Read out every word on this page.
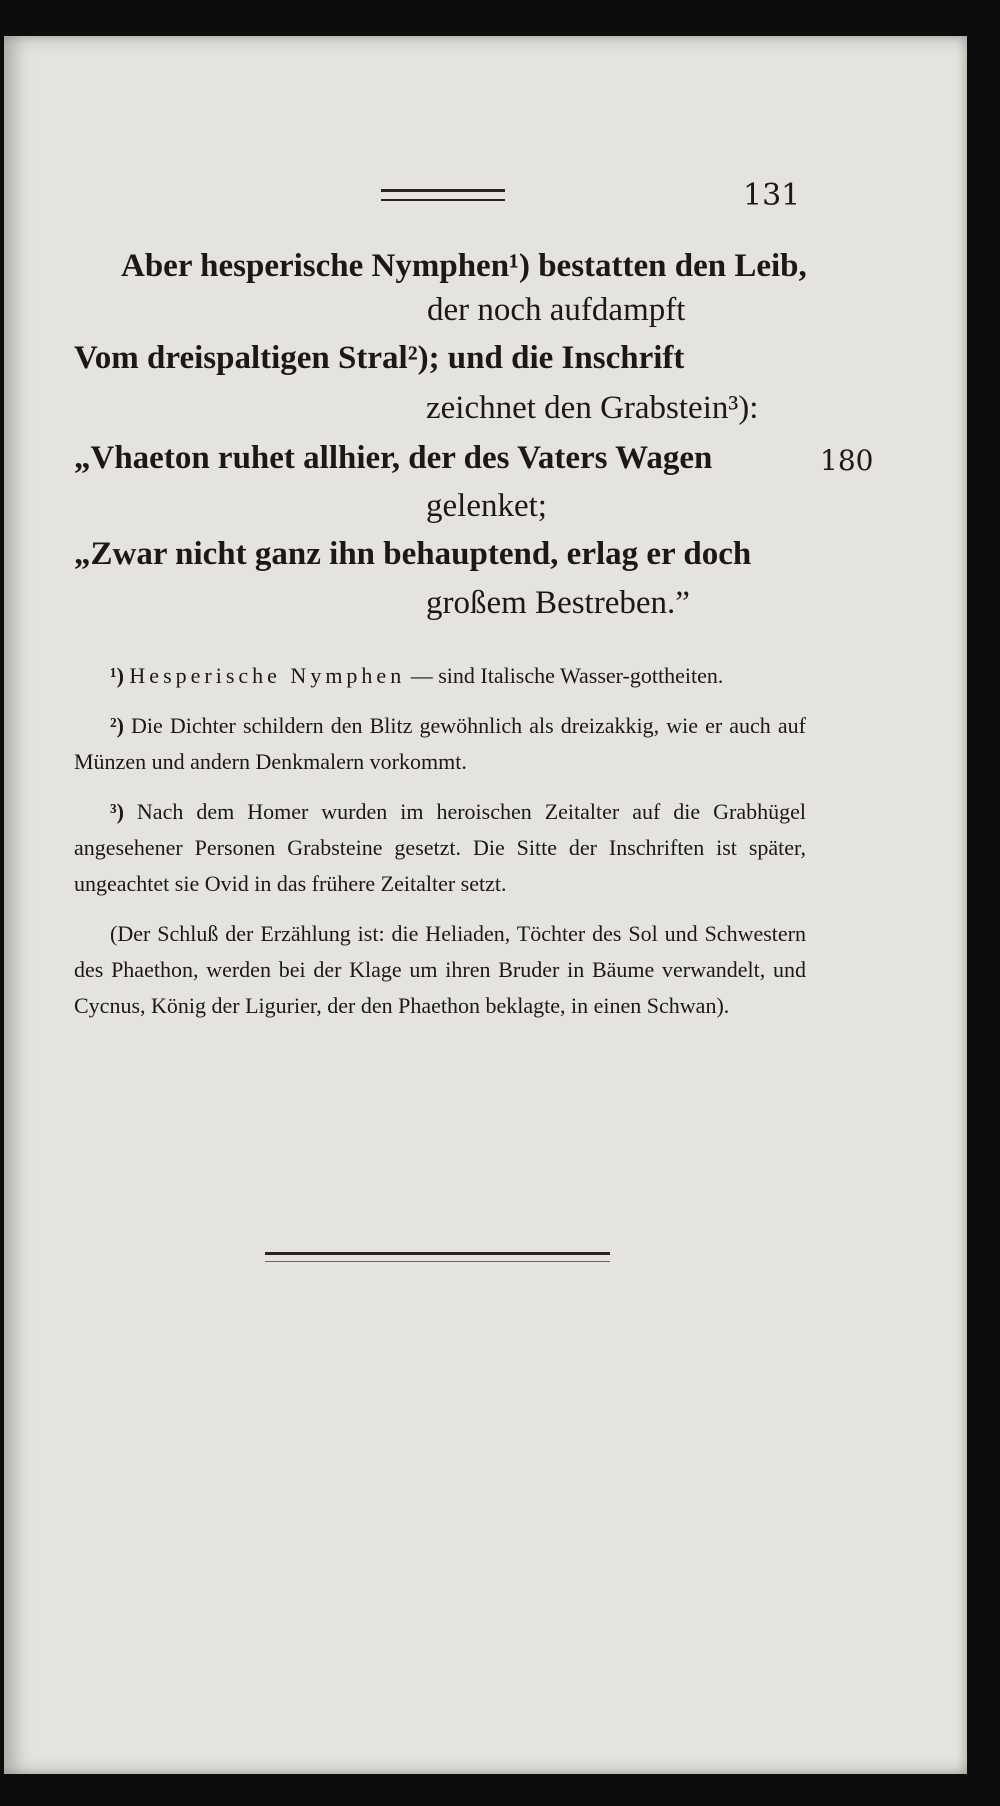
131
Aber hesperische Nymphen¹) bestatten den Leib,
der noch aufdampft
Vom dreispaltigen Stral²); und die Inschrift
zeichnet den Grabstein³):
„Vhaeton ruhet allhier, der des Vaters Wagen
gelenket;
„Zwar nicht ganz ihn behauptend, erlag er doch
großem Bestreben.”
180

¹) Hesperische Nymphen — sind Italische Wasser-gottheiten.

²) Die Dichter schildern den Blitz gewöhnlich als dreizakkig, wie er auch auf Münzen und andern Denkmalern vorkommt.

³) Nach dem Homer wurden im heroischen Zeitalter auf die Grabhügel angesehener Personen Grabsteine gesetzt. Die Sitte der Inschriften ist später, ungeachtet sie Ovid in das frühere Zeitalter setzt.

(Der Schluß der Erzählung ist: die Heliaden, Töchter des Sol und Schwestern des Phaethon, werden bei der Klage um ihren Bruder in Bäume verwandelt, und Cycnus, König der Ligurier, der den Phaethon beklagte, in einen Schwan).
